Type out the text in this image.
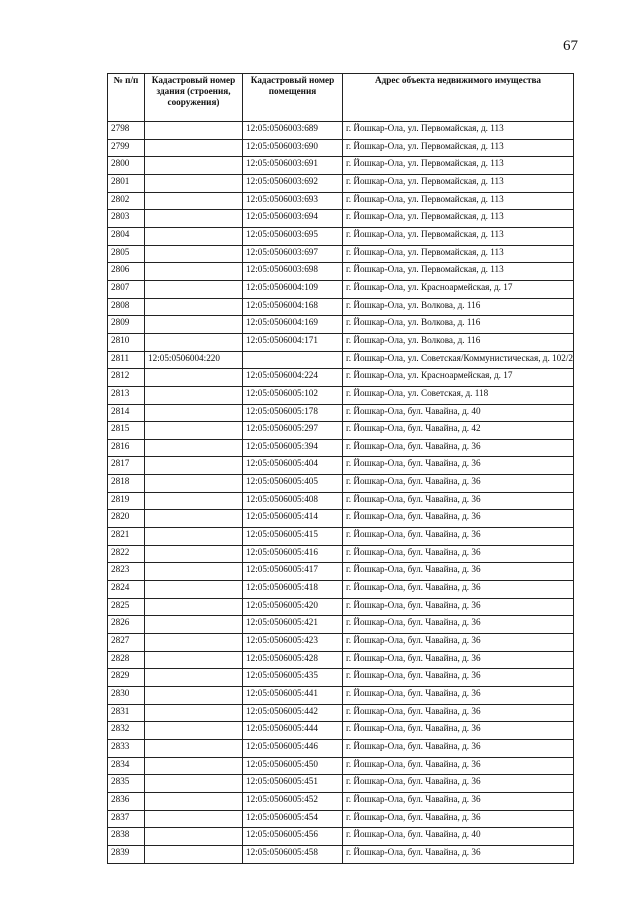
67
№ п/п	Кадастровый номер здания (строения, сооружения)	Кадастровый номер помещения	Адрес объекта недвижимого имущества
2798		12:05:0506003:689	г. Йошкар-Ола, ул. Первомайская, д. 113
2799		12:05:0506003:690	г. Йошкар-Ола, ул. Первомайская, д. 113
2800		12:05:0506003:691	г. Йошкар-Ола, ул. Первомайская, д. 113
2801		12:05:0506003:692	г. Йошкар-Ола, ул. Первомайская, д. 113
2802		12:05:0506003:693	г. Йошкар-Ола, ул. Первомайская, д. 113
2803		12:05:0506003:694	г. Йошкар-Ола, ул. Первомайская, д. 113
2804		12:05:0506003:695	г. Йошкар-Ола, ул. Первомайская, д. 113
2805		12:05:0506003:697	г. Йошкар-Ола, ул. Первомайская, д. 113
2806		12:05:0506003:698	г. Йошкар-Ола, ул. Первомайская, д. 113
2807		12:05:0506004:109	г. Йошкар-Ола, ул. Красноармейская, д. 17
2808		12:05:0506004:168	г. Йошкар-Ола, ул. Волкова, д. 116
2809		12:05:0506004:169	г. Йошкар-Ола, ул. Волкова, д. 116
2810		12:05:0506004:171	г. Йошкар-Ола, ул. Волкова, д. 116
2811	12:05:0506004:220		г. Йошкар-Ола, ул. Советская/Коммунистическая, д. 102/2
2812		12:05:0506004:224	г. Йошкар-Ола, ул. Красноармейская, д. 17
2813		12:05:0506005:102	г. Йошкар-Ола, ул. Советская, д. 118
2814		12:05:0506005:178	г. Йошкар-Ола, бул. Чавайна, д. 40
2815		12:05:0506005:297	г. Йошкар-Ола, бул. Чавайна, д. 42
2816		12:05:0506005:394	г. Йошкар-Ола, бул. Чавайна, д. 36
2817		12:05:0506005:404	г. Йошкар-Ола, бул. Чавайна, д. 36
2818		12:05:0506005:405	г. Йошкар-Ола, бул. Чавайна, д. 36
2819		12:05:0506005:408	г. Йошкар-Ола, бул. Чавайна, д. 36
2820		12:05:0506005:414	г. Йошкар-Ола, бул. Чавайна, д. 36
2821		12:05:0506005:415	г. Йошкар-Ола, бул. Чавайна, д. 36
2822		12:05:0506005:416	г. Йошкар-Ола, бул. Чавайна, д. 36
2823		12:05:0506005:417	г. Йошкар-Ола, бул. Чавайна, д. 36
2824		12:05:0506005:418	г. Йошкар-Ола, бул. Чавайна, д. 36
2825		12:05:0506005:420	г. Йошкар-Ола, бул. Чавайна, д. 36
2826		12:05:0506005:421	г. Йошкар-Ола, бул. Чавайна, д. 36
2827		12:05:0506005:423	г. Йошкар-Ола, бул. Чавайна, д. 36
2828		12:05:0506005:428	г. Йошкар-Ола, бул. Чавайна, д. 36
2829		12:05:0506005:435	г. Йошкар-Ола, бул. Чавайна, д. 36
2830		12:05:0506005:441	г. Йошкар-Ола, бул. Чавайна, д. 36
2831		12:05:0506005:442	г. Йошкар-Ола, бул. Чавайна, д. 36
2832		12:05:0506005:444	г. Йошкар-Ола, бул. Чавайна, д. 36
2833		12:05:0506005:446	г. Йошкар-Ола, бул. Чавайна, д. 36
2834		12:05:0506005:450	г. Йошкар-Ола, бул. Чавайна, д. 36
2835		12:05:0506005:451	г. Йошкар-Ола, бул. Чавайна, д. 36
2836		12:05:0506005:452	г. Йошкар-Ола, бул. Чавайна, д. 36
2837		12:05:0506005:454	г. Йошкар-Ола, бул. Чавайна, д. 36
2838		12:05:0506005:456	г. Йошкар-Ола, бул. Чавайна, д. 40
2839		12:05:0506005:458	г. Йошкар-Ола, бул. Чавайна, д. 36
